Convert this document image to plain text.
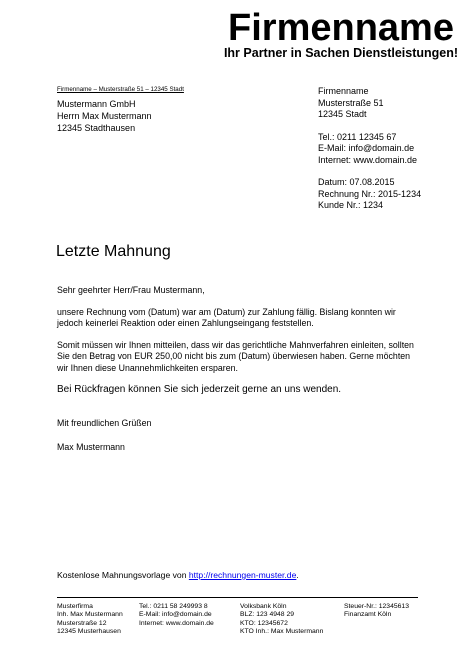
Firmenname
Ihr Partner in Sachen Dienstleistungen!
Firmenname – Musterstraße 51 – 12345 Stadt
Mustermann GmbH
Herrn Max Mustermann
12345 Stadthausen
Firmenname
Musterstraße 51
12345 Stadt
Tel.: 0211 12345 67
E-Mail: info@domain.de
Internet: www.domain.de
Datum: 07.08.2015
Rechnung Nr.: 2015-1234
Kunde Nr.: 1234
Letzte Mahnung

Sehr geehrter Herr/Frau Mustermann,

unsere Rechnung vom (Datum) war am (Datum) zur Zahlung fällig. Bislang konnten wir jedoch keinerlei Reaktion oder einen Zahlungseingang feststellen.

Somit müssen wir Ihnen mitteilen, dass wir das gerichtliche Mahnverfahren einleiten, sollten Sie den Betrag von EUR 250,00 nicht bis zum (Datum) überwiesen haben. Gerne möchten wir Ihnen diese Unannehmlichkeiten ersparen.

Bei Rückfragen können Sie sich jederzeit gerne an uns wenden.

Mit freundlichen Grüßen

Max Mustermann

Kostenlose Mahnungsvorlage von http://rechnungen-muster.de.
Musterfirma
Inh. Max Mustermann
Musterstraße 12
12345 Musterhausen
Tel.: 0211 58 249993 8
E-Mail: info@domain.de
Internet: www.domain.de
Volksbank Köln
BLZ: 123 4948 29
KTO: 12345672
KTO Inh.: Max Mustermann
Steuer-Nr.: 12345613
Finanzamt Köln
